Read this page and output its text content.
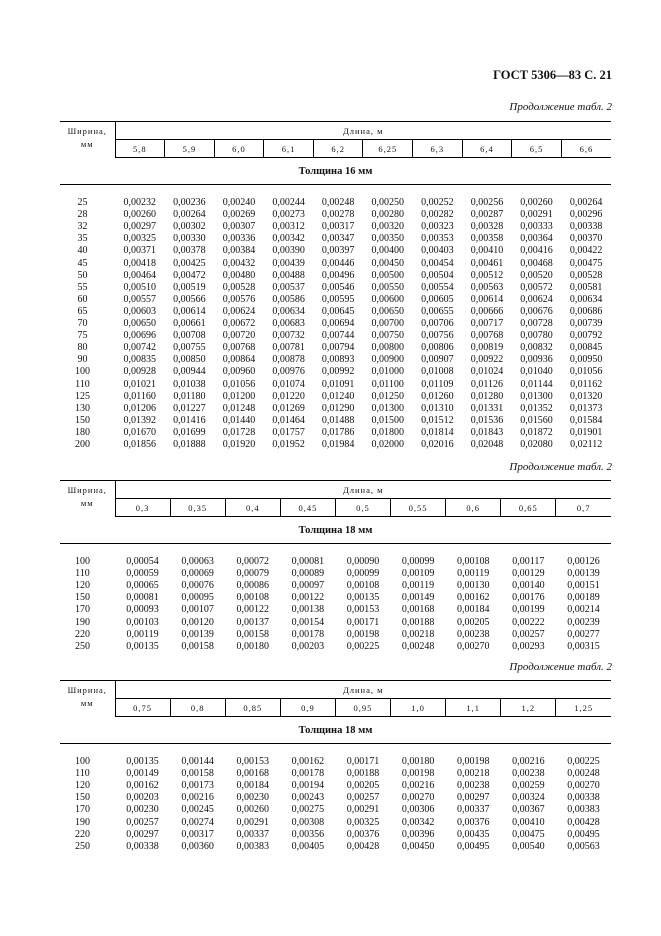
ГОСТ 5306—83 С. 21
Продолжение табл. 2
Продолжение табл. 2
Продолжение табл. 2
Ширина,
мм	Длина, м									
	5,8	5,9	6,0	6,1	6,2	6,25	6,3	6,4	6,5	6,6
Толщина 16 мм										

25	0,00232	0,00236	0,00240	0,00244	0,00248	0,00250	0,00252	0,00256	0,00260	0,00264
28	0,00260	0,00264	0,00269	0,00273	0,00278	0,00280	0,00282	0,00287	0,00291	0,00296
32	0,00297	0,00302	0,00307	0,00312	0,00317	0,00320	0,00323	0,00328	0,00333	0,00338
35	0,00325	0,00330	0,00336	0,00342	0,00347	0,00350	0,00353	0,00358	0,00364	0,00370
40	0,00371	0,00378	0,00384	0,00390	0,00397	0,00400	0,00403	0,00410	0,00416	0,00422
45	0,00418	0,00425	0,00432	0,00439	0,00446	0,00450	0,00454	0,00461	0,00468	0,00475
50	0,00464	0,00472	0,00480	0,00488	0,00496	0,00500	0,00504	0,00512	0,00520	0,00528
55	0,00510	0,00519	0,00528	0,00537	0,00546	0,00550	0,00554	0,00563	0,00572	0,00581
60	0,00557	0,00566	0,00576	0,00586	0,00595	0,00600	0,00605	0,00614	0,00624	0,00634
65	0,00603	0,00614	0,00624	0,00634	0,00645	0,00650	0,00655	0,00666	0,00676	0,00686
70	0,00650	0,00661	0,00672	0,00683	0,00694	0,00700	0,00706	0,00717	0,00728	0,00739
75	0,00696	0,00708	0,00720	0,00732	0,00744	0,00750	0,00756	0,00768	0,00780	0,00792
80	0,00742	0,00755	0,00768	0,00781	0,00794	0,00800	0,00806	0,00819	0,00832	0,00845
90	0,00835	0,00850	0,00864	0,00878	0,00893	0,00900	0,00907	0,00922	0,00936	0,00950
100	0,00928	0,00944	0,00960	0,00976	0,00992	0,01000	0,01008	0,01024	0,01040	0,01056
110	0,01021	0,01038	0,01056	0,01074	0,01091	0,01100	0,01109	0,01126	0,01144	0,01162
125	0,01160	0,01180	0,01200	0,01220	0,01240	0,01250	0,01260	0,01280	0,01300	0,01320
130	0,01206	0,01227	0,01248	0,01269	0,01290	0,01300	0,01310	0,01331	0,01352	0,01373
150	0,01392	0,01416	0,01440	0,01464	0,01488	0,01500	0,01512	0,01536	0,01560	0,01584
180	0,01670	0,01699	0,01728	0,01757	0,01786	0,01800	0,01814	0,01843	0,01872	0,01901
200	0,01856	0,01888	0,01920	0,01952	0,01984	0,02000	0,02016	0,02048	0,02080	0,02112
Ширина,
мм	Длина, м								
	0,3	0,35	0,4	0,45	0,5	0,55	0,6	0,65	0,7
Толщина 18 мм									

100	0,00054	0,00063	0,00072	0,00081	0,00090	0,00099	0,00108	0,00117	0,00126
110	0,00059	0,00069	0,00079	0,00089	0,00099	0,00109	0,00119	0,00129	0,00139
120	0,00065	0,00076	0,00086	0,00097	0,00108	0,00119	0,00130	0,00140	0,00151
150	0,00081	0,00095	0,00108	0,00122	0,00135	0,00149	0,00162	0,00176	0,00189
170	0,00093	0,00107	0,00122	0,00138	0,00153	0,00168	0,00184	0,00199	0,00214
190	0,00103	0,00120	0,00137	0,00154	0,00171	0,00188	0,00205	0,00222	0,00239
220	0,00119	0,00139	0,00158	0,00178	0,00198	0,00218	0,00238	0,00257	0,00277
250	0,00135	0,00158	0,00180	0,00203	0,00225	0,00248	0,00270	0,00293	0,00315
Ширина,
мм	Длина, м								
	0,75	0,8	0,85	0,9	0,95	1,0	1,1	1,2	1,25
Толщина 18 мм									

100	0,00135	0,00144	0,00153	0,00162	0,00171	0,00180	0,00198	0,00216	0,00225
110	0,00149	0,00158	0,00168	0,00178	0,00188	0,00198	0,00218	0,00238	0,00248
120	0,00162	0,00173	0,00184	0,00194	0,00205	0,00216	0,00238	0,00259	0,00270
150	0,00203	0,00216	0,00230	0,00243	0,00257	0,00270	0,00297	0,00324	0,00338
170	0,00230	0,00245	0,00260	0,00275	0,00291	0,00306	0,00337	0,00367	0,00383
190	0,00257	0,00274	0,00291	0,00308	0,00325	0,00342	0,00376	0,00410	0,00428
220	0,00297	0,00317	0,00337	0,00356	0,00376	0,00396	0,00435	0,00475	0,00495
250	0,00338	0,00360	0,00383	0,00405	0,00428	0,00450	0,00495	0,00540	0,00563
